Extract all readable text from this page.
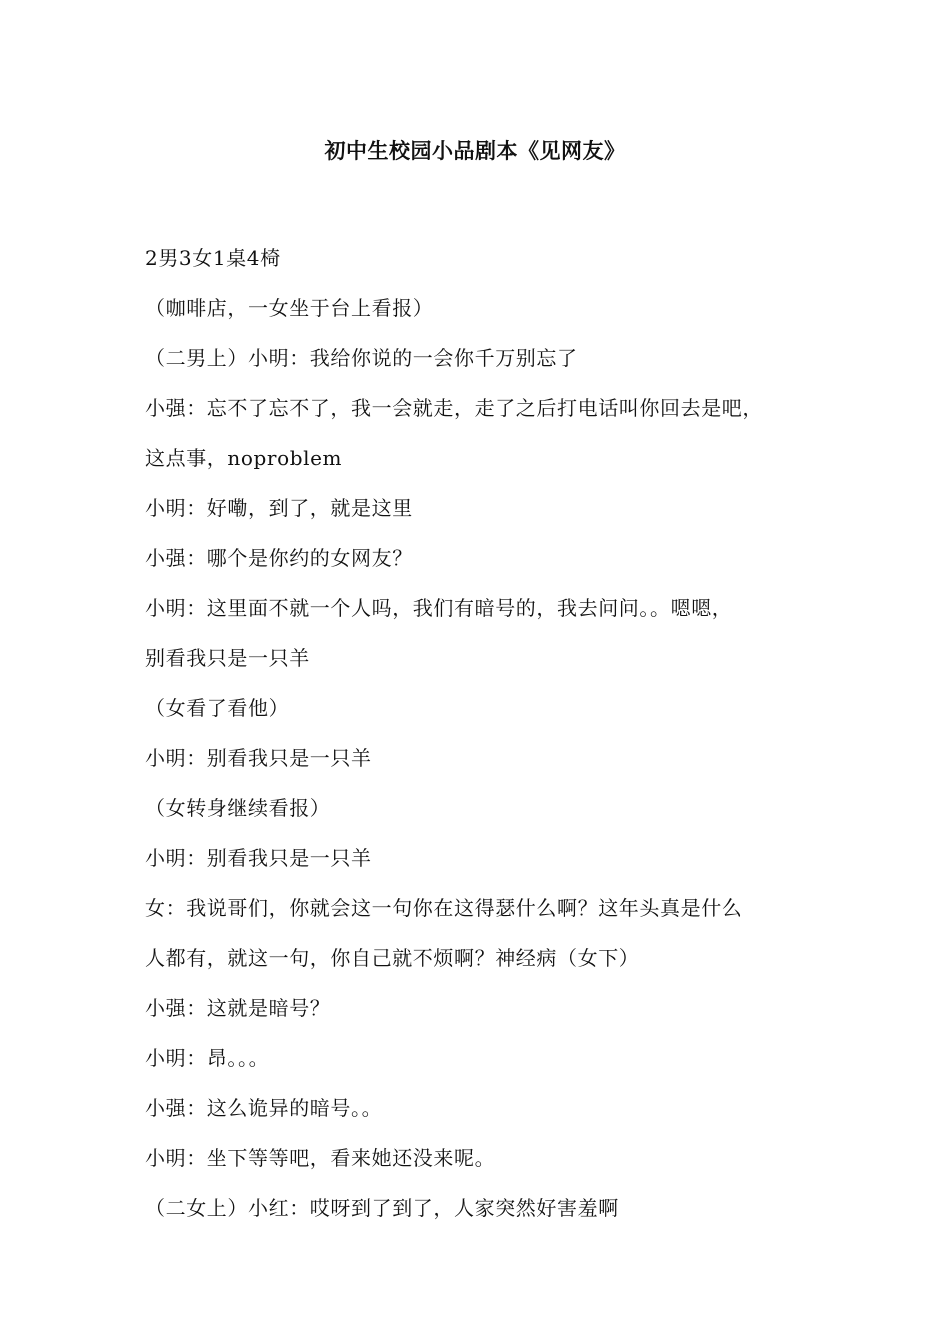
初中生校园小品剧本《见网友》
2男3女1桌4椅
（咖啡店，一女坐于台上看报）
（二男上）小明：我给你说的一会你千万别忘了
小强：忘不了忘不了，我一会就走，走了之后打电话叫你回去是吧，
这点事，noproblem
小明：好嘞，到了，就是这里
小强：哪个是你约的女网友？
小明：这里面不就一个人吗，我们有暗号的，我去问问。。嗯嗯，
别看我只是一只羊
（女看了看他）
小明：别看我只是一只羊
（女转身继续看报）
小明：别看我只是一只羊
女：我说哥们，你就会这一句你在这得瑟什么啊？这年头真是什么
人都有，就这一句，你自己就不烦啊？神经病（女下）
小强：这就是暗号？
小明：昂。。。
小强：这么诡异的暗号。。
小明：坐下等等吧，看来她还没来呢。
（二女上）小红：哎呀到了到了，人家突然好害羞啊
